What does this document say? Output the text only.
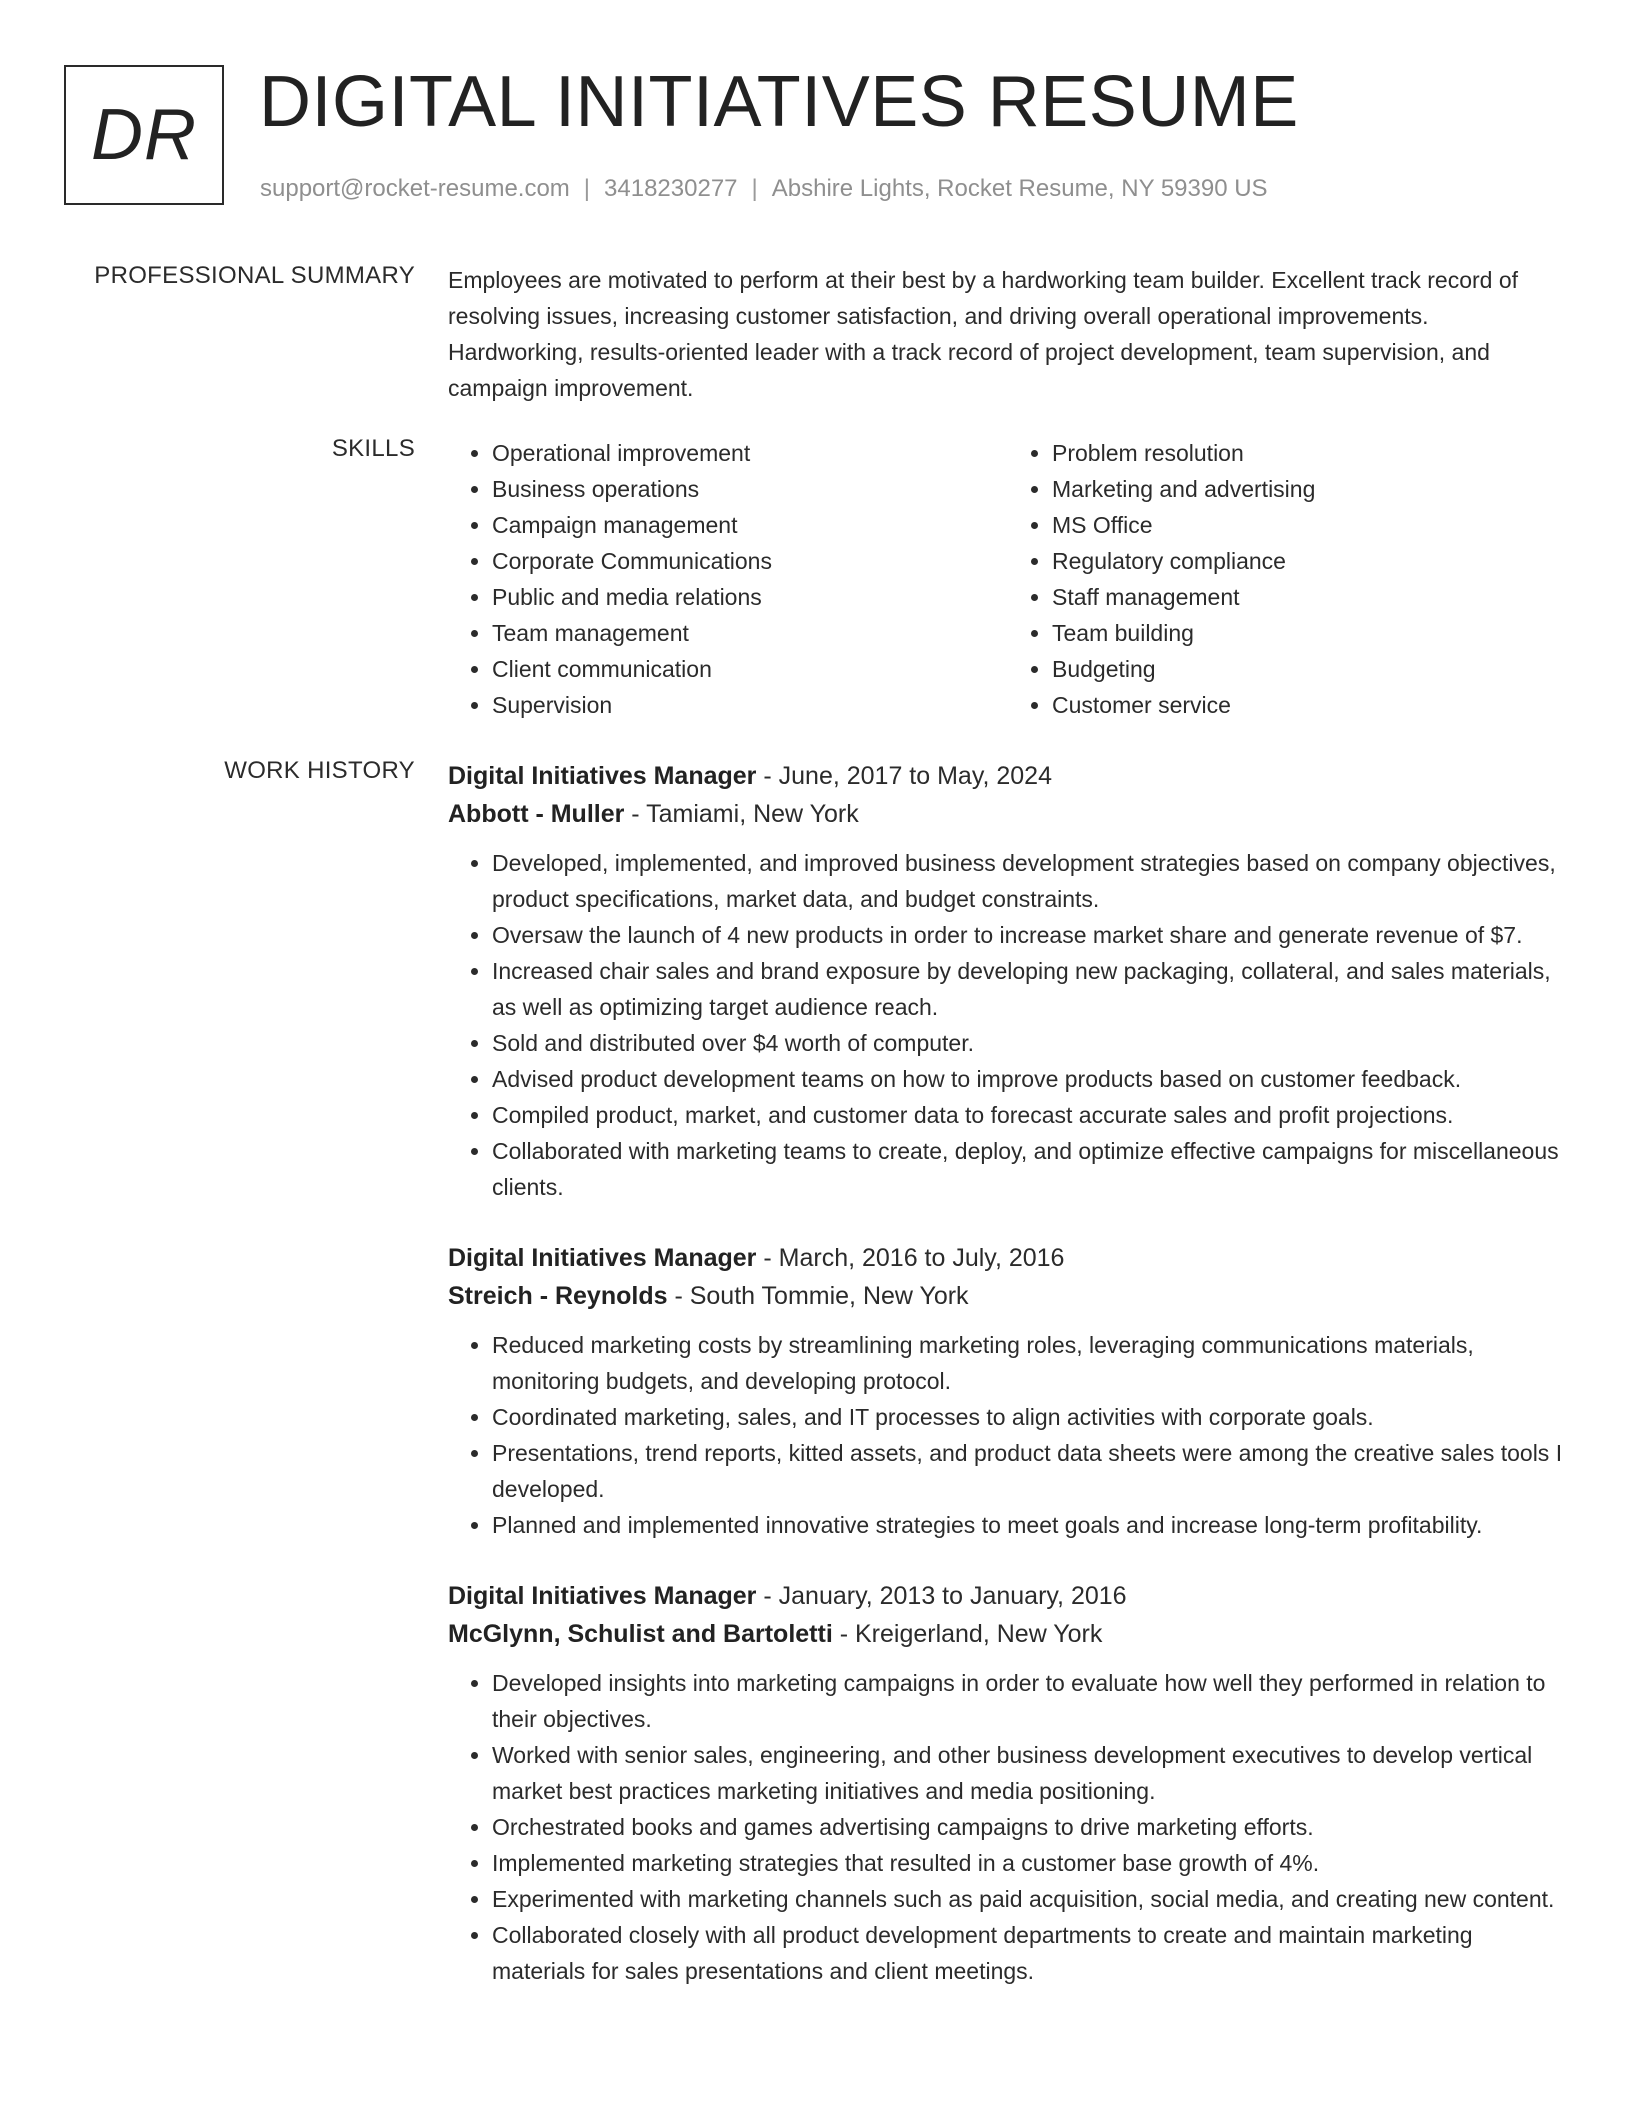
DR DIGITAL INITIATIVES RESUME
support@rocket-resume.com | 3418230277 | Abshire Lights, Rocket Resume, NY 59390 US
PROFESSIONAL SUMMARY Employees are motivated to perform at their best by a hardworking team builder. Excellent track record of resolving issues, increasing customer satisfaction, and driving overall operational improvements. Hardworking, results-oriented leader with a track record of project development, team supervision, and campaign improvement.

SKILLS
•	Operational improvement
• Business operations
• Campaign management
• Corporate Communications
• Public and media relations
• Team management
• Client communication
• Supervision
• Problem resolution
• Marketing and advertising
• MS Office
• Regulatory compliance
• Staff management
• Team building
• Budgeting
• Customer service
WORK HISTORY Digital Initiatives Manager - June, 2017 to May, 2024
Abbott - Muller - Tamiami, New York
• Developed, implemented, and improved business development strategies based on company objectives, product specifications, market data, and budget constraints.
• Oversaw the launch of 4 new products in order to increase market share and generate revenue of $7.
• Increased chair sales and brand exposure by developing new packaging, collateral, and sales materials, as well as optimizing target audience reach.
• Sold and distributed over $4 worth of computer.
• Advised product development teams on how to improve products based on customer feedback.
• Compiled product, market, and customer data to forecast accurate sales and profit projections.
• Collaborated with marketing teams to create, deploy, and optimize effective campaigns for miscellaneous clients.
Digital Initiatives Manager - March, 2016 to July, 2016
Streich - Reynolds - South Tommie, New York
• Reduced marketing costs by streamlining marketing roles, leveraging communications materials, monitoring budgets, and developing protocol.
• Coordinated marketing, sales, and IT processes to align activities with corporate goals.
• Presentations, trend reports, kitted assets, and product data sheets were among the creative sales tools I developed.
• Planned and implemented innovative strategies to meet goals and increase long-term profitability.
Digital Initiatives Manager - January, 2013 to January, 2016
McGlynn, Schulist and Bartoletti - Kreigerland, New York
• Developed insights into marketing campaigns in order to evaluate how well they performed in relation to their objectives.
• Worked with senior sales, engineering, and other business development executives to develop vertical market best practices marketing initiatives and media positioning.
• Orchestrated books and games advertising campaigns to drive marketing efforts.
• Implemented marketing strategies that resulted in a customer base growth of 4%.
• Experimented with marketing channels such as paid acquisition, social media, and creating new content.
• Collaborated closely with all product development departments to create and maintain marketing materials for sales presentations and client meetings.
